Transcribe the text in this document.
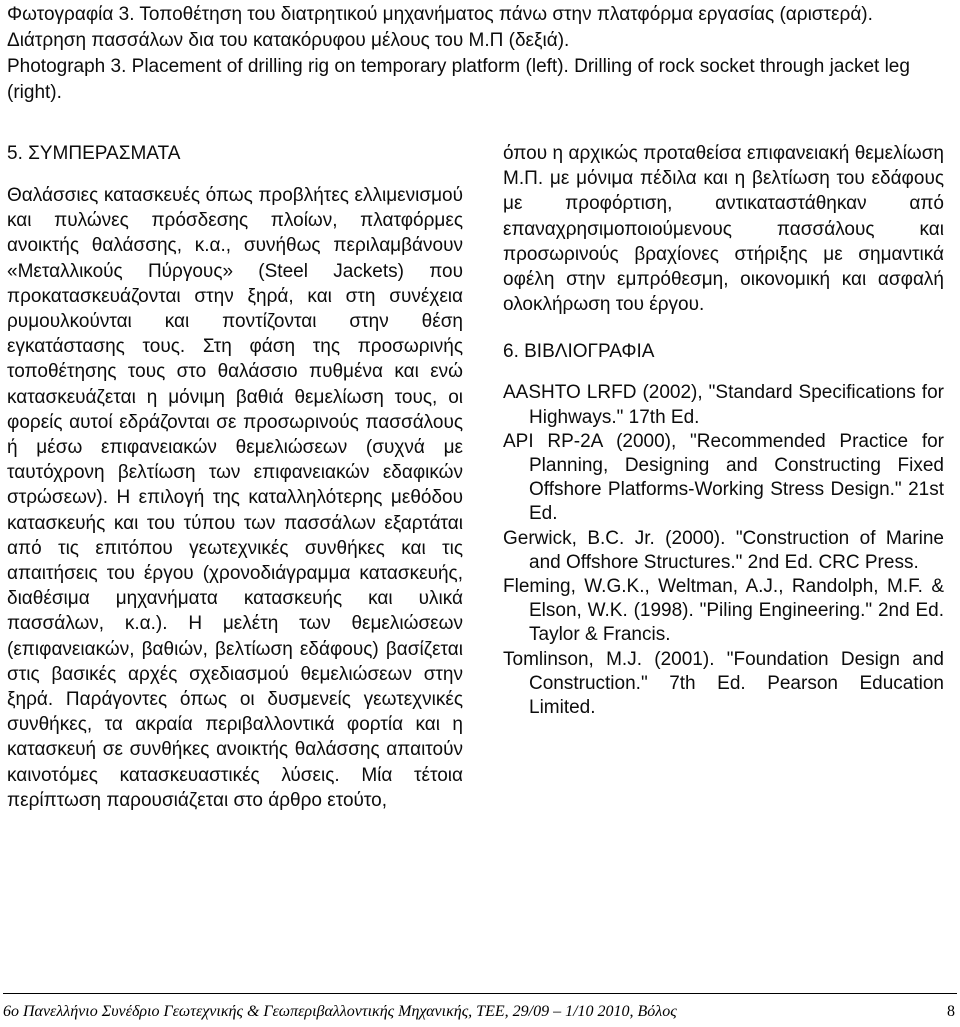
Φωτογραφία 3. Τοποθέτηση του διατρητικού μηχανήματος πάνω στην πλατφόρμα εργασίας (αριστερά). Διάτρηση πασσάλων δια του κατακόρυφου μέλους του Μ.Π (δεξιά).

Photograph 3. Placement of drilling rig on temporary platform (left). Drilling of rock socket through jacket leg (right).

5. ΣΥΜΠΕΡΑΣΜΑΤΑ

Θαλάσσιες κατασκευές όπως προβλήτες ελλιμενισμού και πυλώνες πρόσδεσης πλοίων, πλατφόρμες ανοικτής θαλάσσης, κ.α., συνήθως περιλαμβάνουν «Μεταλλικούς Πύργους» (Steel Jackets) που προκατασκευάζονται στην ξηρά, και στη συνέχεια ρυμουλκούνται και ποντίζονται στην θέση εγκατάστασης τους. Στη φάση της προσωρινής τοποθέτησης τους στο θαλάσσιο πυθμένα και ενώ κατασκευάζεται η μόνιμη βαθιά θεμελίωση τους, οι φορείς αυτοί εδράζονται σε προσωρινούς πασσάλους ή μέσω επιφανειακών θεμελιώσεων (συχνά με ταυτόχρονη βελτίωση των επιφανειακών εδαφικών στρώσεων). Η επιλογή της καταλληλότερης μεθόδου κατασκευής και του τύπου των πασσάλων εξαρτάται από τις επιτόπου γεωτεχνικές συνθήκες και τις απαιτήσεις του έργου (χρονοδιάγραμμα κατασκευής, διαθέσιμα μηχανήματα κατασκευής και υλικά πασσάλων, κ.α.). Η μελέτη των θεμελιώσεων (επιφανειακών, βαθιών, βελτίωση εδάφους) βασίζεται στις βασικές αρχές σχεδιασμού θεμελιώσεων στην ξηρά. Παράγοντες όπως οι δυσμενείς γεωτεχνικές συνθήκες, τα ακραία περιβαλλοντικά φορτία και η κατασκευή σε συνθήκες ανοικτής θαλάσσης απαιτούν καινοτόμες κατασκευαστικές λύσεις. Μία τέτοια περίπτωση παρουσιάζεται στο άρθρο ετούτο,

όπου η αρχικώς προταθείσα επιφανειακή θεμελίωση Μ.Π. με μόνιμα πέδιλα και η βελτίωση του εδάφους με προφόρτιση, αντικαταστάθηκαν από επαναχρησιμοποιούμενους πασσάλους και προσωρινούς βραχίονες στήριξης με σημαντικά οφέλη στην εμπρόθεσμη, οικονομική και ασφαλή ολοκλήρωση του έργου.

6. ΒΙΒΛΙΟΓΡΑΦΙΑ
AASHTO LRFD (2002), "Standard Specifications for Highways." 17th Ed.
API RP-2A (2000), "Recommended Practice for Planning, Designing and Constructing Fixed Offshore Platforms-Working Stress Design." 21st Ed.
Gerwick, B.C. Jr. (2000). "Construction of Marine and Offshore Structures." 2nd Ed. CRC Press.
Fleming, W.G.K., Weltman, A.J., Randolph, M.F. & Elson, W.K. (1998). "Piling Engineering." 2nd Ed. Taylor & Francis.
Tomlinson, M.J. (2001). "Foundation Design and Construction." 7th Ed. Pearson Education Limited.
6ο Πανελλήνιο Συνέδριο Γεωτεχνικής & Γεωπεριβαλλοντικής Μηχανικής, ΤΕΕ, 29/09 – 1/10 2010, Βόλος	8
